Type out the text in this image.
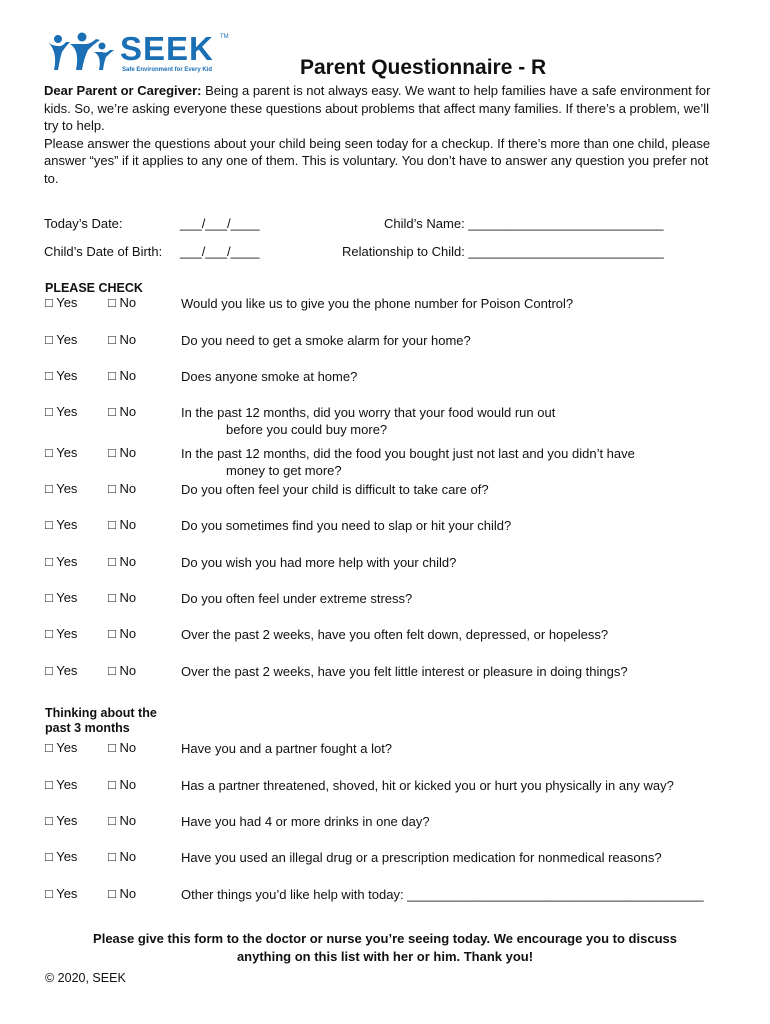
SEEK TM
Safe Environment for Every Kid	Parent Questionnaire - R
Dear Parent or Caregiver: Being a parent is not always easy. We want to help families have a safe environment for kids. So, we’re asking everyone these questions about problems that affect many families. If there’s a problem, we’ll try to help.
Please answer the questions about your child being seen today for a checkup. If there’s more than one child, please answer “yes” if it applies to any one of them. This is voluntary. You don’t have to answer any question you prefer not to.
Today’s Date:	___/___/____	Child’s Name: ___________________________
Child’s Date of Birth: ___/___/____	Relationship to Child: ___________________________
PLEASE CHECK
Thinking about the
past 3 months
□ Yes □ No	Would you like us to give you the phone number for Poison Control?
□ Yes □ No	Do you need to get a smoke alarm for your home?
□ Yes □ No	Does anyone smoke at home?
□ Yes □ No	In the past 12 months, did you worry that your food would run out
before you could buy more?
□ Yes □ No	In the past 12 months, did the food you bought just not last and you didn’t have
money to get more?
□ Yes □ No	Do you often feel your child is difficult to take care of?
□ Yes □ No	Do you sometimes find you need to slap or hit your child?
□ Yes □ No	Do you wish you had more help with your child?
□ Yes □ No	Do you often feel under extreme stress?
□ Yes □ No	Over the past 2 weeks, have you often felt down, depressed, or hopeless?
□ Yes □ No	Over the past 2 weeks, have you felt little interest or pleasure in doing things?
□ Yes □ No	Have you and a partner fought a lot?
□ Yes □ No	Has a partner threatened, shoved, hit or kicked you or hurt you physically in any way?
□ Yes □ No	Have you had 4 or more drinks in one day?
□ Yes □ No	Have you used an illegal drug or a prescription medication for nonmedical reasons?
□ Yes □ No	Other things you’d like help with today: _________________________________________
Please give this form to the doctor or nurse you’re seeing today. We encourage you to discuss
anything on this list with her or him. Thank you!
© 2020, SEEK
